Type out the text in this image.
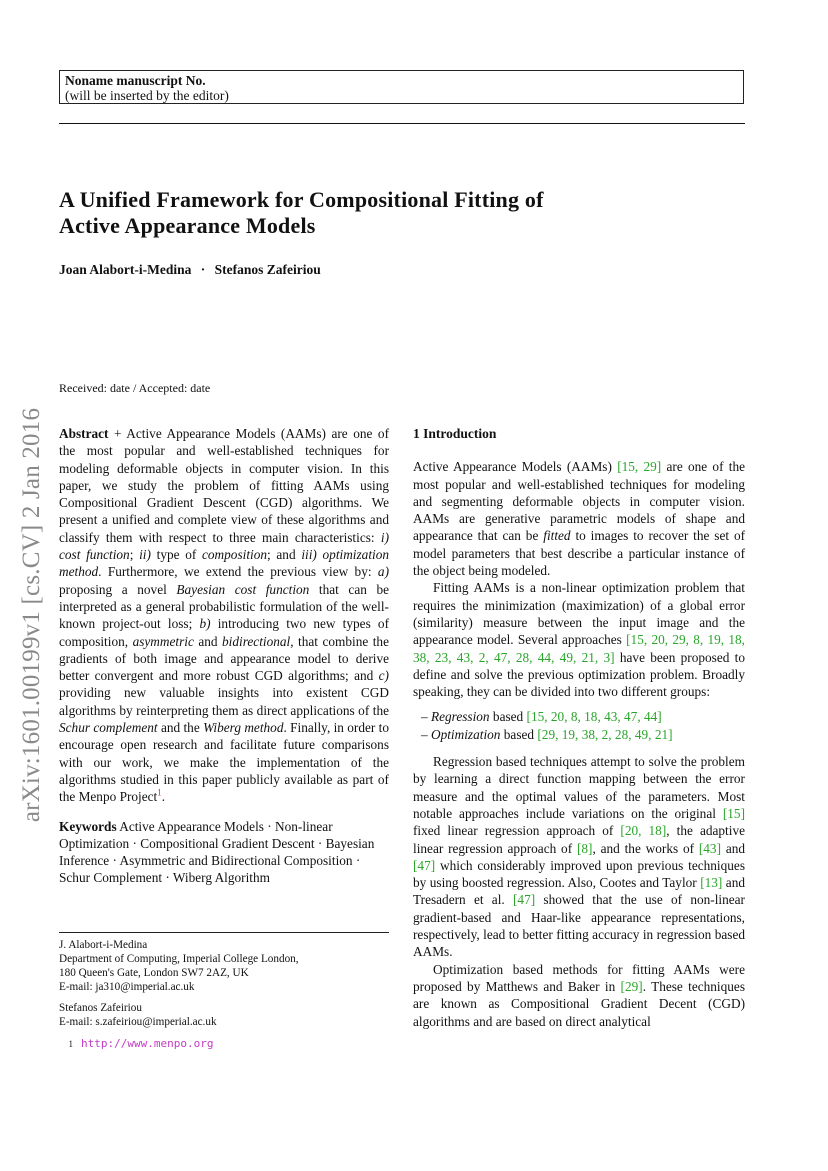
Noname manuscript No.
(will be inserted by the editor)
A Unified Framework for Compositional Fitting of
Active Appearance Models
Joan Alabort-i-Medina · Stefanos Zafeiriou
arXiv:1601.00199v1 [cs.CV] 2 Jan 2016
Received: date / Accepted: date

Abstract + Active Appearance Models (AAMs) are one of the most popular and well-established techniques for modeling deformable objects in computer vision. In this paper, we study the problem of fitting AAMs using Compositional Gradient Descent (CGD) algorithms. We present a unified and complete view of these algorithms and classify them with respect to three main characteristics: i) cost function; ii) type of composition; and iii) optimization method. Furthermore, we extend the previous view by: a) proposing a novel Bayesian cost function that can be interpreted as a general probabilistic formulation of the well-known project-out loss; b) introducing two new types of composition, asymmetric and bidirectional, that combine the gradients of both image and appearance model to derive better convergent and more robust CGD algorithms; and c) providing new valuable insights into existent CGD algorithms by reinterpreting them as direct applications of the Schur complement and the Wiberg method. Finally, in order to encourage open research and facilitate future comparisons with our work, we make the implementation of the algorithms studied in this paper publicly available as part of the Menpo Project$^1$.

Keywords Active Appearance Models · Non-linear Optimization · Compositional Gradient Descent · Bayesian Inference · Asymmetric and Bidirectional Composition · Schur Complement · Wiberg Algorithm

J. Alabort-i-Medina
Department of Computing, Imperial College London,
180 Queen's Gate, London SW7 2AZ, UK
E-mail: ja310@imperial.ac.uk
Stefanos Zafeiriou
E-mail: s.zafeiriou@imperial.ac.uk
1 http://www.menpo.org

1 Introduction

Active Appearance Models (AAMs) [15, 29] are one of the most popular and well-established techniques for modeling and segmenting deformable objects in computer vision. AAMs are generative parametric models of shape and appearance that can be fitted to images to recover the set of model parameters that best describe a particular instance of the object being modeled.

Fitting AAMs is a non-linear optimization problem that requires the minimization (maximization) of a global error (similarity) measure between the input image and the appearance model. Several approaches [15, 20, 29, 8, 19, 18, 38, 23, 43, 2, 47, 28, 44, 49, 21, 3] have been proposed to define and solve the previous optimization problem. Broadly speaking, they can be divided into two different groups:

– Regression based [15, 20, 8, 18, 43, 47, 44]
– Optimization based [29, 19, 38, 2, 28, 49, 21]

Regression based techniques attempt to solve the problem by learning a direct function mapping between the error measure and the optimal values of the parameters. Most notable approaches include variations on the original [15] fixed linear regression approach of [20, 18], the adaptive linear regression approach of [8], and the works of [43] and [47] which considerably improved upon previous techniques by using boosted regression. Also, Cootes and Taylor [13] and Tresadern et al. [47] showed that the use of non-linear gradient-based and Haar-like appearance representations, respectively, lead to better fitting accuracy in regression based AAMs.

Optimization based methods for fitting AAMs were proposed by Matthews and Baker in [29]. These techniques are known as Compositional Gradient Decent (CGD) algorithms and are based on direct analytical
